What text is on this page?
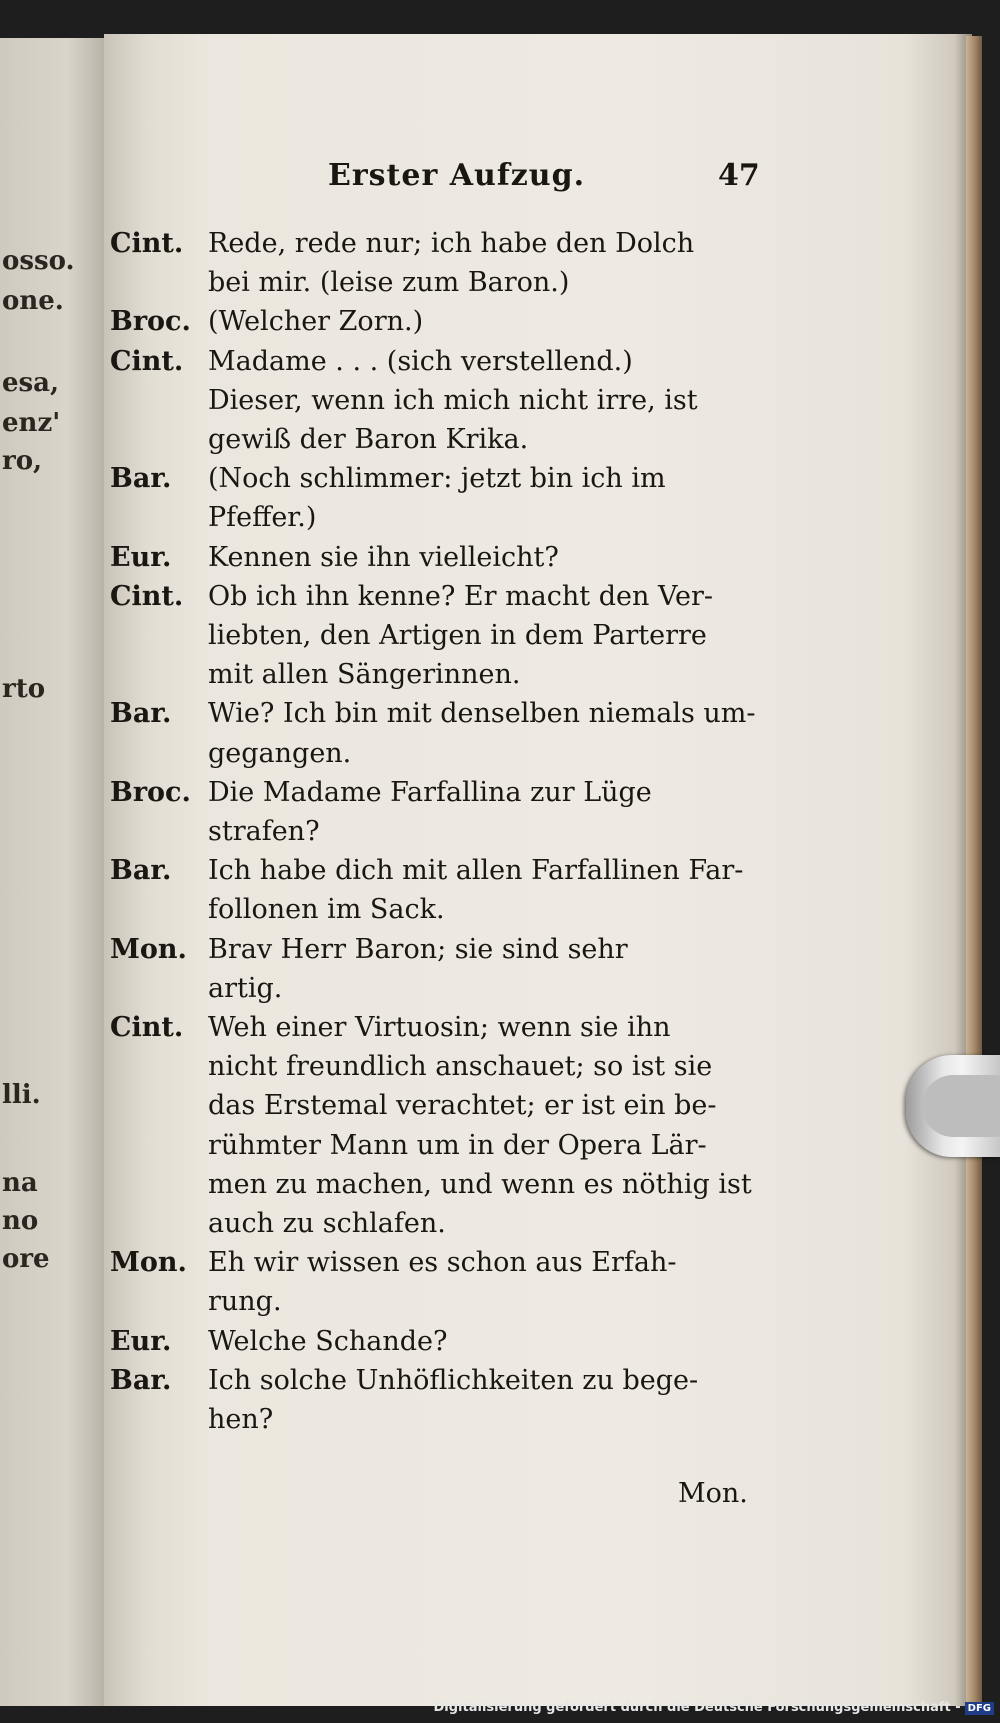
osso.
one.
esa,
enz'
ro,
rto
lli.
na
no
ore
Erster Aufzug.	47
Cint. Rede, rede nur; ich habe den Dolch
bei mir. (leise zum Baron.)
Broc. (Welcher Zorn.)
Cint. Madame . . . (sich verstellend.)
Dieser, wenn ich mich nicht irre, ist
gewiß der Baron Krika.
Bar. (Noch schlimmer: jetzt bin ich im
Pfeffer.)
Eur. Kennen sie ihn vielleicht?
Cint. Ob ich ihn kenne? Er macht den Ver-
liebten, den Artigen in dem Parterre
mit allen Sängerinnen.
Bar. Wie? Ich bin mit denselben niemals um-
gegangen.
Broc. Die Madame Farfallina zur Lüge
strafen?
Bar. Ich habe dich mit allen Farfallinen Far-
follonen im Sack.
Mon. Brav Herr Baron; sie sind sehr
artig.
Cint. Weh einer Virtuosin; wenn sie ihn
nicht freundlich anschauet; so ist sie
das Erstemal verachtet; er ist ein be-
rühmter Mann um in der Opera Lär-
men zu machen, und wenn es nöthig ist
auch zu schlafen.
Mon. Eh wir wissen es schon aus Erfah-
rung.
Eur. Welche Schande?
Bar. Ich solche Unhöflichkeiten zu bege-
hen?
Mon.
Digitalisierung gefördert durch die Deutsche Forschungsgemeinschaft - DFG
